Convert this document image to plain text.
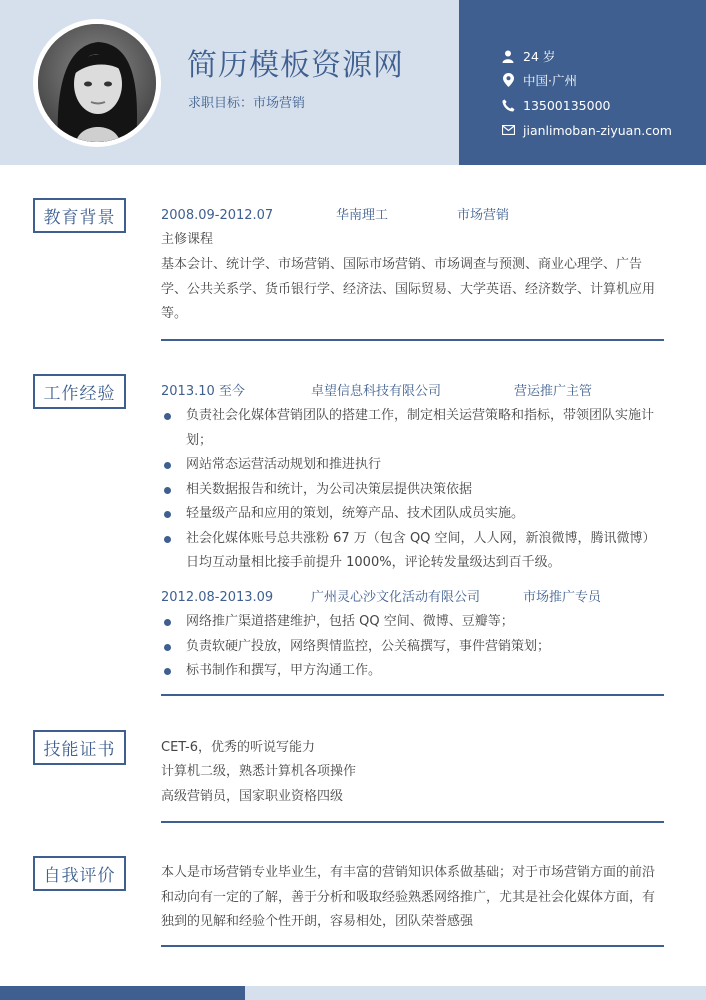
简历模板资源网
求职目标：市场营销
24 岁
中国·广州
13500135000
jianlimoban-ziyuan.com
教育背景	2008.09-2012.07	华南理工	市场营销
主修课程
基本会计、统计学、市场营销、国际市场营销、市场调查与预测、商业心理学、广告学、公共关系学、货币银行学、经济法、国际贸易、大学英语、经济数学、计算机应用等。
工作经验	2013.10 至今	卓望信息科技有限公司	营运推广主管
负责社会化媒体营销团队的搭建工作，制定相关运营策略和指标，带领团队实施计划；
网站常态运营活动规划和推进执行
相关数据报告和统计，为公司决策层提供决策依据
轻量级产品和应用的策划，统筹产品、技术团队成员实施。
社会化媒体账号总共涨粉 67 万（包含 QQ 空间，人人网，新浪微博，腾讯微博）日均互动量相比接手前提升 1000%，评论转发量级达到百千级。
2012.08-2013.09	广州灵心沙文化活动有限公司	市场推广专员
网络推广渠道搭建维护，包括 QQ 空间、微博、豆瓣等；
负责软硬广投放，网络舆情监控，公关稿撰写，事件营销策划；
标书制作和撰写，甲方沟通工作。
技能证书	CET-6，优秀的听说写能力
计算机二级，熟悉计算机各项操作
高级营销员，国家职业资格四级
自我评价	本人是市场营销专业毕业生，有丰富的营销知识体系做基础；对于市场营销方面的前沿和动向有一定的了解，善于分析和吸取经验熟悉网络推广，尤其是社会化媒体方面，有独到的见解和经验个性开朗，容易相处，团队荣誉感强
